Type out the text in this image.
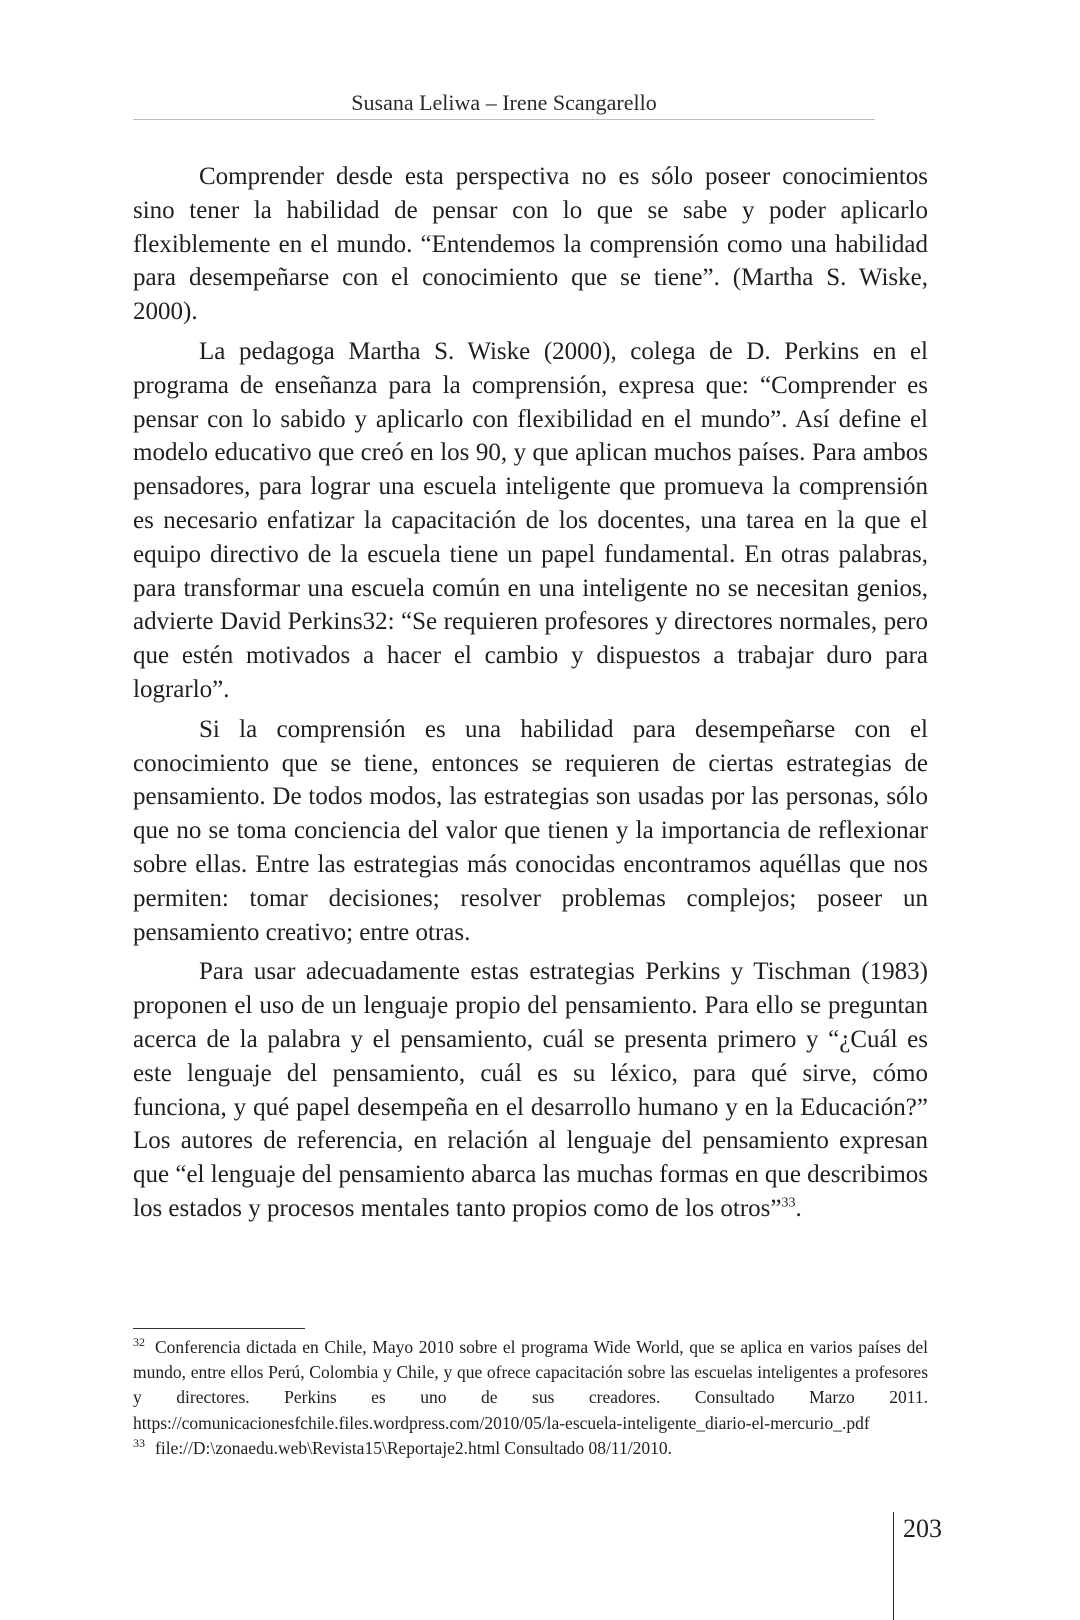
Susana Leliwa – Irene Scangarello

Comprender desde esta perspectiva no es sólo poseer conocimientos sino tener la habilidad de pensar con lo que se sabe y poder aplicarlo flexiblemente en el mundo. “Entendemos la comprensión como una habilidad para desempeñarse con el conocimiento que se tiene”. (Martha S. Wiske, 2000).

La pedagoga Martha S. Wiske (2000), colega de D. Perkins en el programa de enseñanza para la comprensión, expresa que: “Comprender es pensar con lo sabido y aplicarlo con flexibilidad en el mundo”. Así define el modelo educativo que creó en los 90, y que aplican muchos países. Para ambos pensadores, para lograr una escuela inteligente que promueva la comprensión es necesario enfatizar la capacitación de los docentes, una tarea en la que el equipo directivo de la escuela tiene un papel fundamental. En otras palabras, para transformar una escuela común en una inteligente no se necesitan genios, advierte David Perkins32: “Se requieren profesores y directores normales, pero que estén motivados a hacer el cambio y dispuestos a trabajar duro para lograrlo”.

Si la comprensión es una habilidad para desempeñarse con el conocimiento que se tiene, entonces se requieren de ciertas estrategias de pensamiento. De todos modos, las estrategias son usadas por las personas, sólo que no se toma conciencia del valor que tienen y la importancia de reflexionar sobre ellas. Entre las estrategias más conocidas encontramos aquéllas que nos permiten: tomar decisiones; resolver problemas complejos; poseer un pensamiento creativo; entre otras.

Para usar adecuadamente estas estrategias Perkins y Tischman (1983) proponen el uso de un lenguaje propio del pensamiento. Para ello se preguntan acerca de la palabra y el pensamiento, cuál se presenta primero y “¿Cuál es este lenguaje del pensamiento, cuál es su léxico, para qué sirve, cómo funciona, y qué papel desempeña en el desarrollo humano y en la Educación?” Los autores de referencia, en relación al lenguaje del pensamiento expresan que “el lenguaje del pensamiento abarca las muchas formas en que describimos los estados y procesos mentales tanto propios como de los otros”$^{33}$.

$^{32}$ Conferencia dictada en Chile, Mayo 2010 sobre el programa Wide World, que se aplica en varios países del mundo, entre ellos Perú, Colombia y Chile, y que ofrece capacitación sobre las escuelas inteligentes a profesores y directores. Perkins es uno de sus creadores. Consultado Marzo 2011. https://comunicacionesfchile.files.wordpress.com/2010/05/la-escuela-inteligente_diario-el-mercurio_.pdf

$^{33}$ file://D:\zonaedu.web\Revista15\Reportaje2.html Consultado 08/11/2010.

203
